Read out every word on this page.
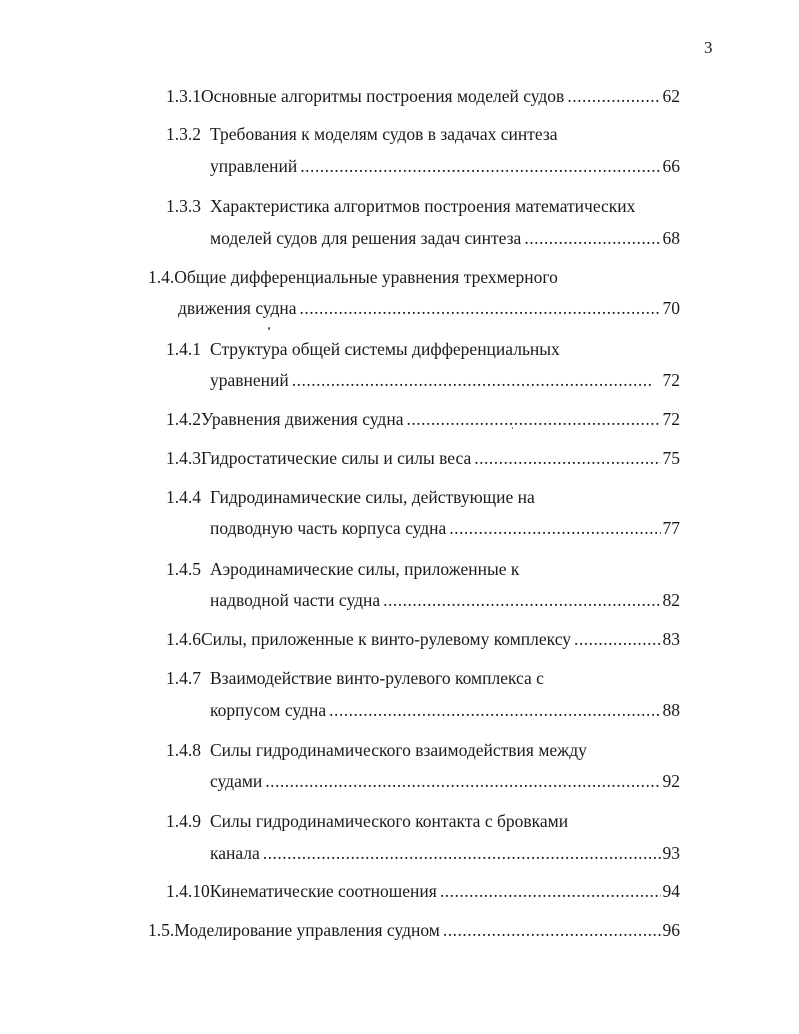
3
1.3.1 Основные алгоритмы построения моделей судов .....	62
1.3.2 Требования к моделям судов в задачах синтеза
управлений .....	66
1.3.3 Характеристика алгоритмов построения математических
моделей судов для решения задач синтеза .....	68
1.4. Общие дифференциальные уравнения трехмерного
движения судна .....	70
1.4.1 Структура общей системы дифференциальных
уравнений .....	72
1.4.2 Уравнения движения судна .....	72
1.4.3 Гидростатические силы и силы веса .....	75
1.4.4 Гидродинамические силы, действующие на
подводную часть корпуса судна .....	77
1.4.5 Аэродинамические силы, приложенные к
надводной части судна .....	82
1.4.6 Силы, приложенные к винто-рулевому комплексу .....	83
1.4.7 Взаимодействие винто-рулевого комплекса с
корпусом судна .....	88
1.4.8 Силы гидродинамического взаимодействия между
судами .....	92
1.4.9 Силы гидродинамического контакта с бровками
канала .....	93
1.4.10 Кинематические соотношения .....	94
1.5. Моделирование управления судном .....	96
